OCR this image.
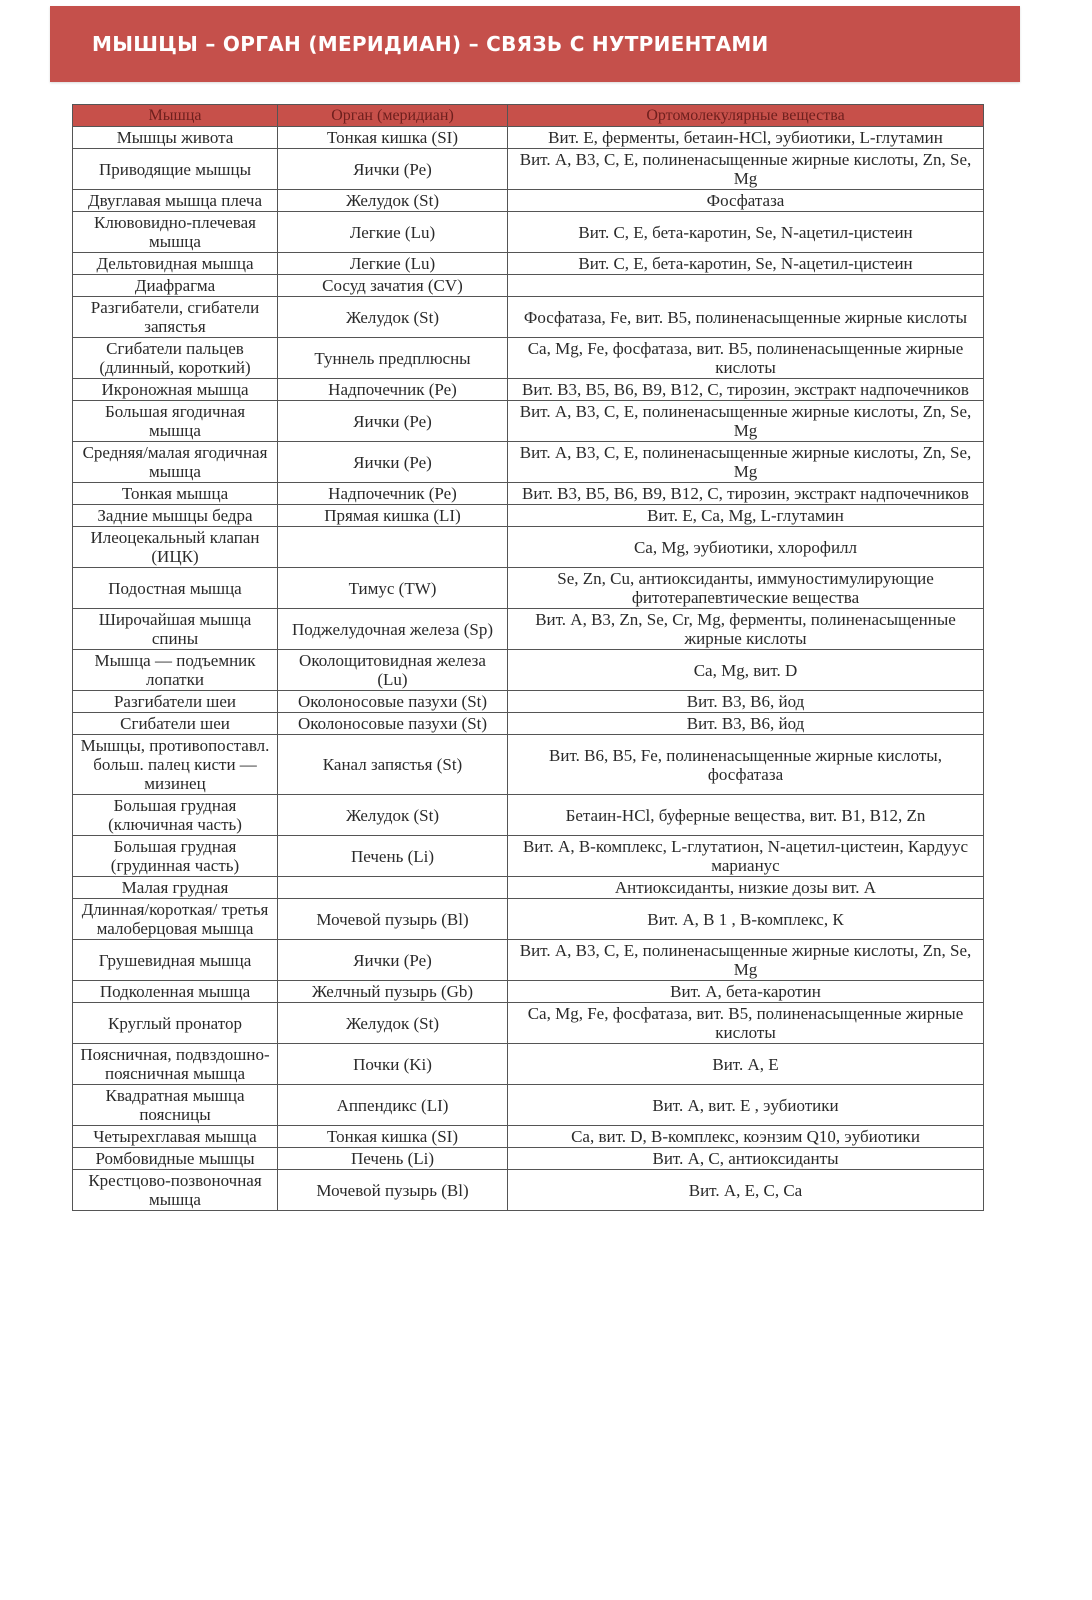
МЫШЦЫ – ОРГАН (МЕРИДИАН) – СВЯЗЬ С НУТРИЕНТАМИ
Мышца	Орган (меридиан)	Ортомолекулярные вещества
Мышцы живота	Тонкая кишка (SI)	Вит. Е, ферменты, бетаин-HCl, эубиотики, L-глутамин
Приводящие мышцы	Яички (Ре)	Вит. А, В3, С, Е, полиненасыщенные жирные кислоты, Zn, Se, Mg
Двуглавая мышца плеча	Желудок (St)	Фосфатаза
Клювовидно-плечевая мышца	Легкие (Lu)	Вит. С, Е, бета-каротин, Se, N-ацетил-цистеин
Дельтовидная мышца	Легкие (Lu)	Вит. С, Е, бета-каротин, Se, N-ацетил-цистеин
Диафрагма	Сосуд зачатия (CV)	
Разгибатели, сгибатели запястья	Желудок (St)	Фосфатаза, Fe, вит. В5, полиненасыщенные жирные кислоты
Сгибатели пальцев (длинный, короткий)	Туннель предплюсны	Са, Mg, Fe, фосфатаза, вит. В5, полиненасыщенные жирные кислоты
Икроножная мышца	Надпочечник (Ре)	Вит. В3, В5, В6, В9, В12, С, тирозин, экстракт надпочечников
Большая ягодичная мышца	Яички (Ре)	Вит. А, В3, С, Е, полиненасыщенные жирные кислоты, Zn, Se, Mg
Средняя/малая ягодичная мышца	Яички (Ре)	Вит. А, В3, С, Е, полиненасыщенные жирные кислоты, Zn, Se, Mg
Тонкая мышца	Надпочечник (Ре)	Вит. В3, В5, В6, В9, В12, С, тирозин, экстракт надпочечников
Задние мышцы бедра	Прямая кишка (LI)	Вит. Е, Са, Mg, L-глутамин
Илеоцекальный клапан (ИЦК)		Са, Mg, эубиотики, хлорофилл
Подостная мышца	Тимус (TW)	Se, Zn, Cu, антиоксиданты, иммуностимулирующие фитотерапевтические вещества
Широчайшая мышца спины	Поджелудочная железа (Sp)	Вит. А, В3, Zn, Se, Cr, Mg, ферменты, полиненасыщенные жирные кислоты
Мышца — подъемник лопатки	Околощитовидная железа (Lu)	Са, Mg, вит. D
Разгибатели шеи	Околоносовые пазухи (St)	Вит. В3, В6, йод
Сгибатели шеи	Околоносовые пазухи (St)	Вит. В3, В6, йод
Мышцы, противопоставл. больш. палец кисти — мизинец	Канал запястья (St)	Вит. В6, В5, Fe, полиненасыщенные жирные кислоты, фосфатаза
Большая грудная (ключичная часть)	Желудок (St)	Бетаин-HCl, буферные вещества, вит. В1, В12, Zn
Большая грудная (грудинная часть)	Печень (Li)	Вит. А, В-комплекс, L-глутатион, N-ацетил-цистеин, Кардуус марианус
Малая грудная		Антиоксиданты, низкие дозы вит. А
Длинная/короткая/ третья малоберцовая мышца	Мочевой пузырь (Bl)	Вит. А, В 1 , В-комплекс, К
Грушевидная мышца	Яички (Ре)	Вит. А, В3, С, Е, полиненасыщенные жирные кислоты, Zn, Se, Mg
Подколенная мышца	Желчный пузырь (Gb)	Вит. А, бета-каротин
Круглый пронатор	Желудок (St)	Са, Mg, Fe, фосфатаза, вит. В5, полиненасыщенные жирные кислоты
Поясничная, подвздошно-поясничная мышца	Почки (Ki)	Вит. А, Е
Квадратная мышца поясницы	Аппендикс (LI)	Вит. А, вит. Е , эубиотики
Четырехглавая мышца	Тонкая кишка (SI)	Са, вит. D, В-комплекс, коэнзим Q10, эубиотики
Ромбовидные мышцы	Печень (Li)	Вит. А, С, антиоксиданты
Крестцово-позвоночная мышца	Мочевой пузырь (Bl)	Вит. А, Е, С, Са
